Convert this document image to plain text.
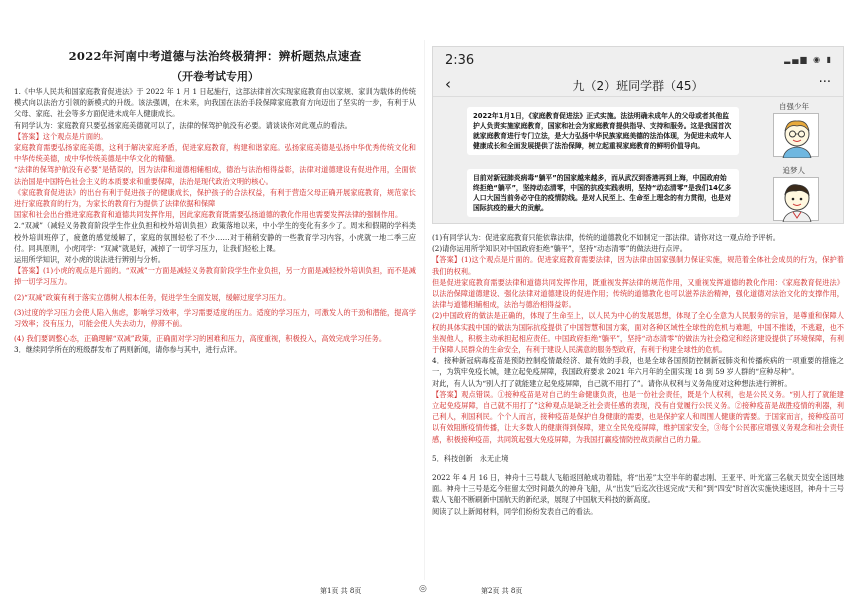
2022年河南中考道德与法治终极猜押：辨析题热点速查
（开卷考试专用）

1.《中华人民共和国家庭教育促进法》于 2022 年 1 月 1 日起施行，这部法律首次实现家庭教育由以家规、家训为载体的传统模式向以法治方引领的新模式的升级。该法强调，在未来，向我国在法治手段保障家庭教育方向迈出了坚实的一步，有利于从父母、家庭、社会等多方面促进未成年人健康成长。

有同学认为：家庭教育只要弘扬家庭美德就可以了，法律的保驾护航没有必要。请谈谈你对此观点的看法。

【答案】这个观点是片面的。

家庭教育需要弘扬家庭美德，这利于解决家庭矛盾，促进家庭教育，构建和谐家庭。弘扬家庭美德是弘扬中华优秀传统文化和中华传统美德，成中华传统美德是中华文化的精髓。

“法律的保驾护航没有必要”是错误的，因为法律和道德相辅相成，德治与法治相得益彰，法律对道德建设有促进作用，全面依法治国是中国特色社会主义的本质要求和重要保障，法治是现代政治文明的核心。

《家庭教育促进法》的出台有利于促进孩子的健康成长，保护孩子的合法权益，有利于营造父母正确开展家庭教育，规范家长进行家庭教育的行为，为家长的教育行为提供了法律依据和保障

国家和社会出台推进家庭教育和道德共同发挥作用，因此家庭教育既需要弘扬道德的教化作用也需要发挥法律的强制作用。

2.“双减”（减轻义务教育阶段学生作业负担和校外培训负担）政策落地以来，中小学生的变化有多少了。周末和假期的学科类校外培训班停了，疲惫的感觉缓解了，家庭的氛围轻松了不少……对于稍稍安静的一些教育学习内容，小虎就一地二季三应付。同具原则，小虎同学：“双减”就是好，减掉了一切学习压力，让我们轻松上课。

运用所学知识，对小虎的说法进行辨别与分析。

【答案】(1)小虎的观点是片面的。“双减”一方面是减轻义务教育阶段学生作业负担，另一方面是减轻校外培训负担，而不是减掉一切学习压力。

(2)“双减”政策有利于落实立德树人根本任务，促进学生全面发展，缓解过度学习压力。

(3)过度的学习压力会使人陷入焦虑，影响学习效率，学习需要适度的压力。适度的学习压力，可激发人的干劲和潜能，提高学习效率；没有压力，可能会使人失去动力，停滞不前。

(4) 我们要调整心态，正确理解“双减”政策，正确面对学习的困难和压力，高度重视，积极投入，高效完成学习任务。

3．继续同学所在的班级群发布了两则新闻，请你参与其中，进行点评。

2:36	▂▄▆ ◉ ▮
‹	九（2）班同学群（45）	···
2022年1月1日，《家庭教育促进法》正式实施。法法明确未成年人的父母或者其他监护人负责实施家庭教育，国家和社会为家庭教育提供指导、支持和服务。这是我国首次就家庭教育进行专门立法，是大力弘扬中华民族家庭美德的法治体现，为促进未成年人健康成长和全面发展提供了法治保障，树立起重视家庭教育的鲜明价值导向。
自强少年
目前对新冠肺炎病毒“躺平”的国家越来越多，而从武汉到香港再到上海，中国政府始终拒绝“躺平”，坚持动态清零，中国的抗疫实践表明，坚持“动态清零”是我们14亿多人口大国当前务必守住的疫情防线。是对人民至上、生命至上理念的有力贯彻，也是对国际抗疫的最大的贡献。
追梦人

(1)有同学认为：促进家庭教育只能依靠法律，传统的道德教化不如制定一部法律。请你对这一观点给予评析。

(2)请你运用所学知识对中国政府拒绝“躺平”，坚持“动态清零”的做法进行点评。

【答案】(1)这个观点是片面的。促进家庭教育需要法律，因为法律由国家强制力保证实施，规范着全体社会成员的行为，保护着我们的权利。

但是促进家庭教育需要法律和道德共同发挥作用，既重视发挥法律的规范作用，又重视发挥道德的教化作用：《家庭教育促进法》以法治保障道德建设、强化法律对道德建设的促进作用；传统的道德教化也可以滋养法治精神，强化道德对法治文化的支撑作用，法律与道德相辅相成，法治与德治相得益彰。

(2)中国政府的做法是正确的，体现了生命至上，以人民为中心的发展思想，体现了全心全意为人民服务的宗旨，是尊重和保障人权的具体实践中国的做法为国际抗疫提供了中国智慧和国方案，面对各种区域性全球性的危机与难题，中国不推诿，不逃避，也不坐视他人，积极主动承担起相应责任。中国政府拒绝“躺平”，坚持“动态清零”的做法为社会稳定和经济建设提供了环境保障，有利于保障人民群众的生命安全，有利于建设人民满意的服务型政府，有利于构建全球性的危机。

4．接种新冠病毒疫苗是预防控制疫情最经济、最有效的手段，也是全球各国预防控制新冠肺炎和传播疾病的一项重要的措施之一，为筑牢免疫长城，建立起免疫屏障，我国政府要求 2021 年六月年的全面实现 18 到 59 岁人群的“应种尽种”。

对此，有人认为“别人打了就能建立起免疫屏障，自己就不用打了”。请你从权利与义务角度对这种想法进行辨析。

【答案】观点错误。①接种疫苗是对自己的生命健康负责，也是一份社会责任，既是个人权利，也是公民义务。“别人打了就能建立起免疫屏障，自己就不用打了”这种观点是缺乏社会责任感的表现，没有自觉履行公民义务。②接种疫苗是战胜疫情的利器，利己利人，利国利民。个个人而言，接种疫苗是保护自身健康的需要，也是保护家人和周围人健康的需要。于国家而言，接种疫苗可以有效阻断疫情传播，让大多数人的健康得到保障，建立全民免疫屏障，维护国家安全，③每个公民都应增强义务观念和社会责任感，积极接种疫苗，共同筑起强大免疫屏障，为我国打赢疫情防控战贡献自己的力量。

5．科技创新　永无止境

2022 年 4 月 16 日，神舟十三号载人飞船返回舱成功着陆，将“出差”太空半年的翟志刚、王亚平、叶光富三名航天员安全送回地面。神舟十三号是迄今驻留太空时间最久的神舟飞船，从“出发”后迄次往返完成“天和”到“四安”时首次实施快速返回，神舟十三号载人飞船不断刷新中国航天的新纪录，展现了中国航天科技的新高度。

阅读了以上新闻材料，同学们纷纷发表自己的看法。

第1页 共 8页	◎	第2页 共 8页
